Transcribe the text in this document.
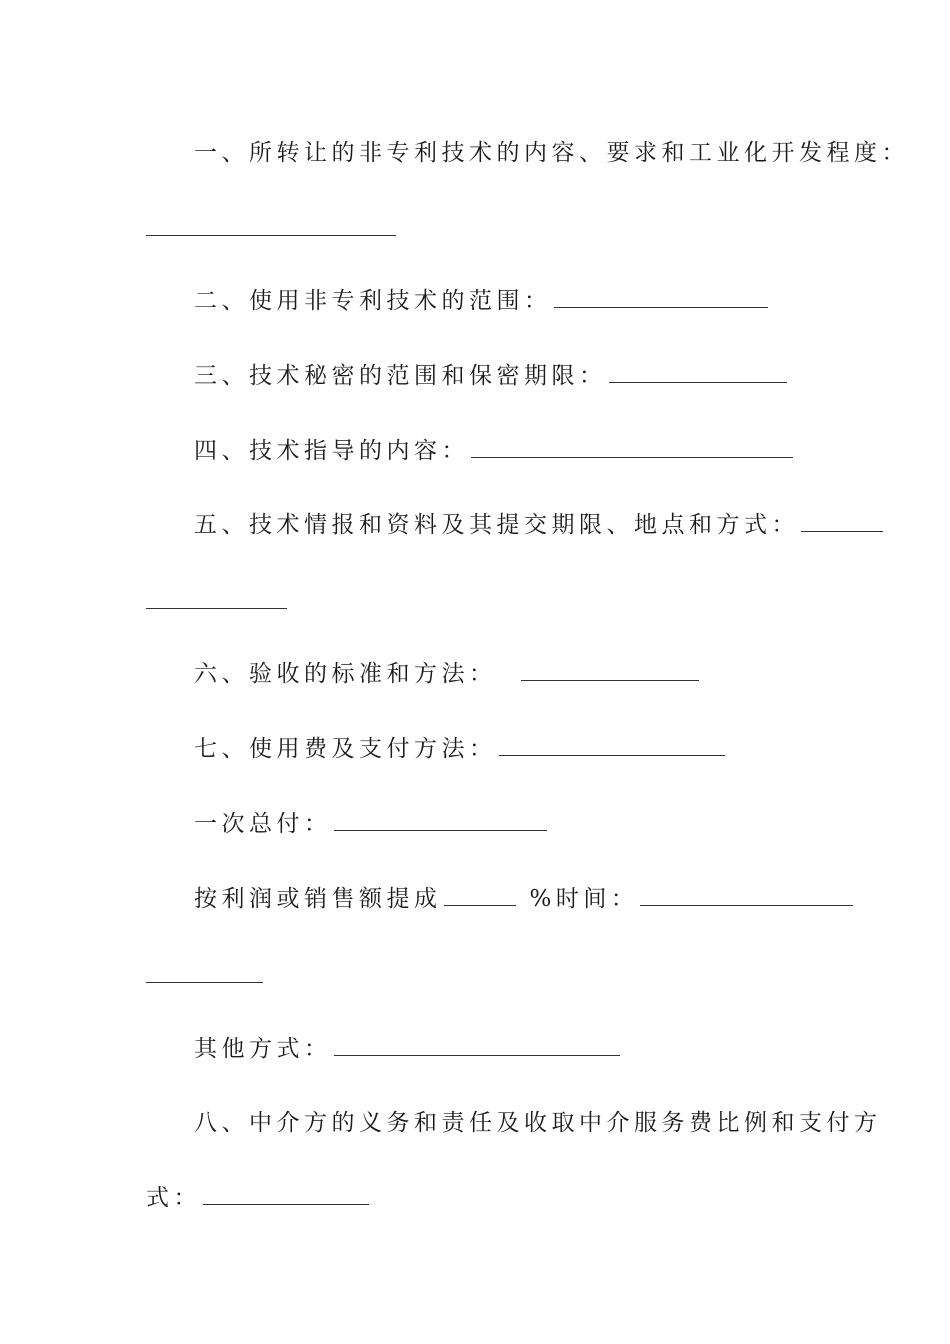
一、所转让的非专利技术的内容、要求和工业化开发程度：
二、使用非专利技术的范围：
三、技术秘密的范围和保密期限：
四、技术指导的内容：
五、技术情报和资料及其提交期限、地点和方式：
六、验收的标准和方法：
七、使用费及支付方法：
一次总付：
按利润或销售额提成	%时间：
其他方式：
八、中介方的义务和责任及收取中介服务费比例和支付方
式：
